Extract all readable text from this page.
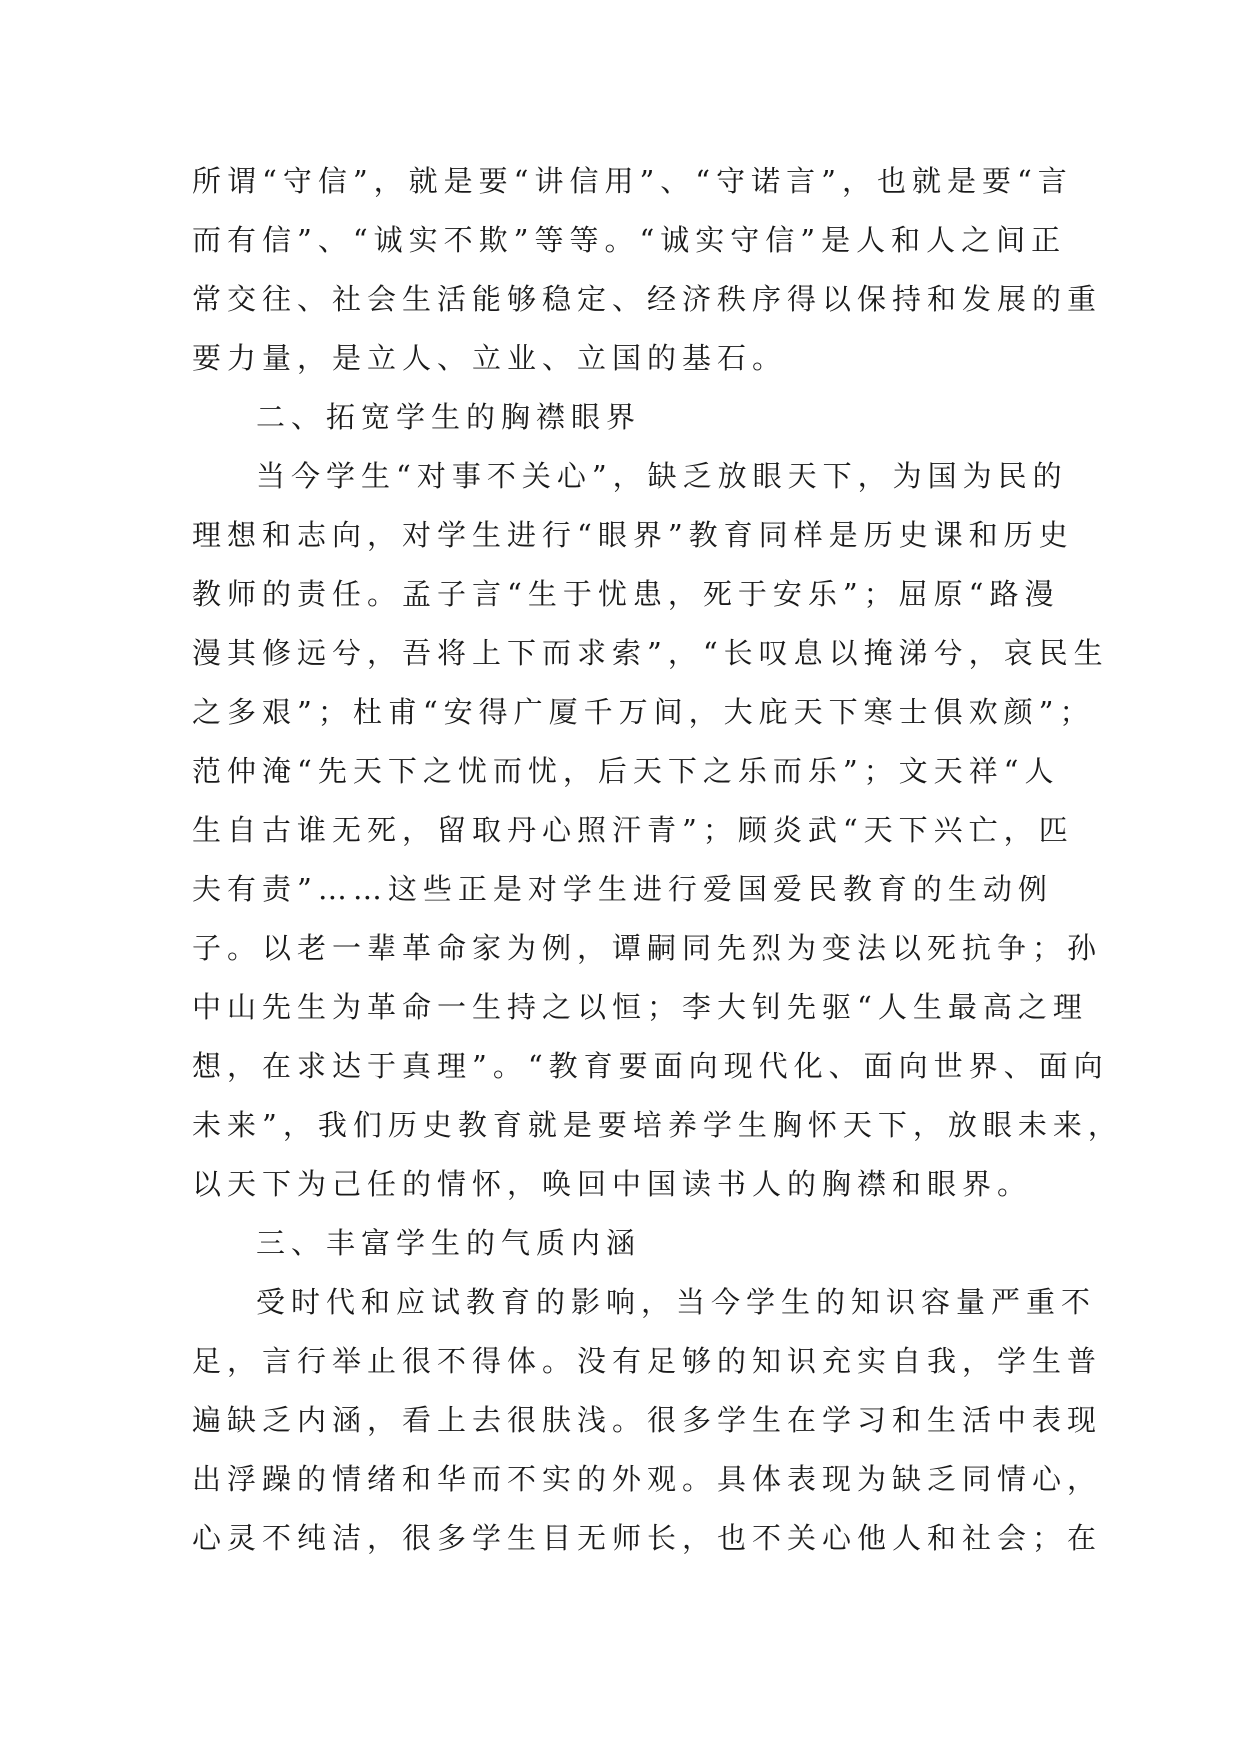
所谓“守信”，就是要“讲信用”、“守诺言”，也就是要“言
而有信”、“诚实不欺”等等。“诚实守信”是人和人之间正
常交往、社会生活能够稳定、经济秩序得以保持和发展的重
要力量，是立人、立业、立国的基石。
二、拓宽学生的胸襟眼界
当今学生“对事不关心”，缺乏放眼天下，为国为民的
理想和志向，对学生进行“眼界”教育同样是历史课和历史
教师的责任。孟子言“生于忧患，死于安乐”；屈原“路漫
漫其修远兮，吾将上下而求索”，“长叹息以掩涕兮，哀民生
之多艰”；杜甫“安得广厦千万间，大庇天下寒士俱欢颜”；
范仲淹“先天下之忧而忧，后天下之乐而乐”；文天祥“人
生自古谁无死，留取丹心照汗青”；顾炎武“天下兴亡，匹
夫有责”……这些正是对学生进行爱国爱民教育的生动例
子。以老一辈革命家为例，谭嗣同先烈为变法以死抗争；孙
中山先生为革命一生持之以恒；李大钊先驱“人生最高之理
想，在求达于真理”。“教育要面向现代化、面向世界、面向
未来”，我们历史教育就是要培养学生胸怀天下，放眼未来，
以天下为己任的情怀，唤回中国读书人的胸襟和眼界。
三、丰富学生的气质内涵
受时代和应试教育的影响，当今学生的知识容量严重不
足，言行举止很不得体。没有足够的知识充实自我，学生普
遍缺乏内涵，看上去很肤浅。很多学生在学习和生活中表现
出浮躁的情绪和华而不实的外观。具体表现为缺乏同情心，
心灵不纯洁，很多学生目无师长，也不关心他人和社会；在
